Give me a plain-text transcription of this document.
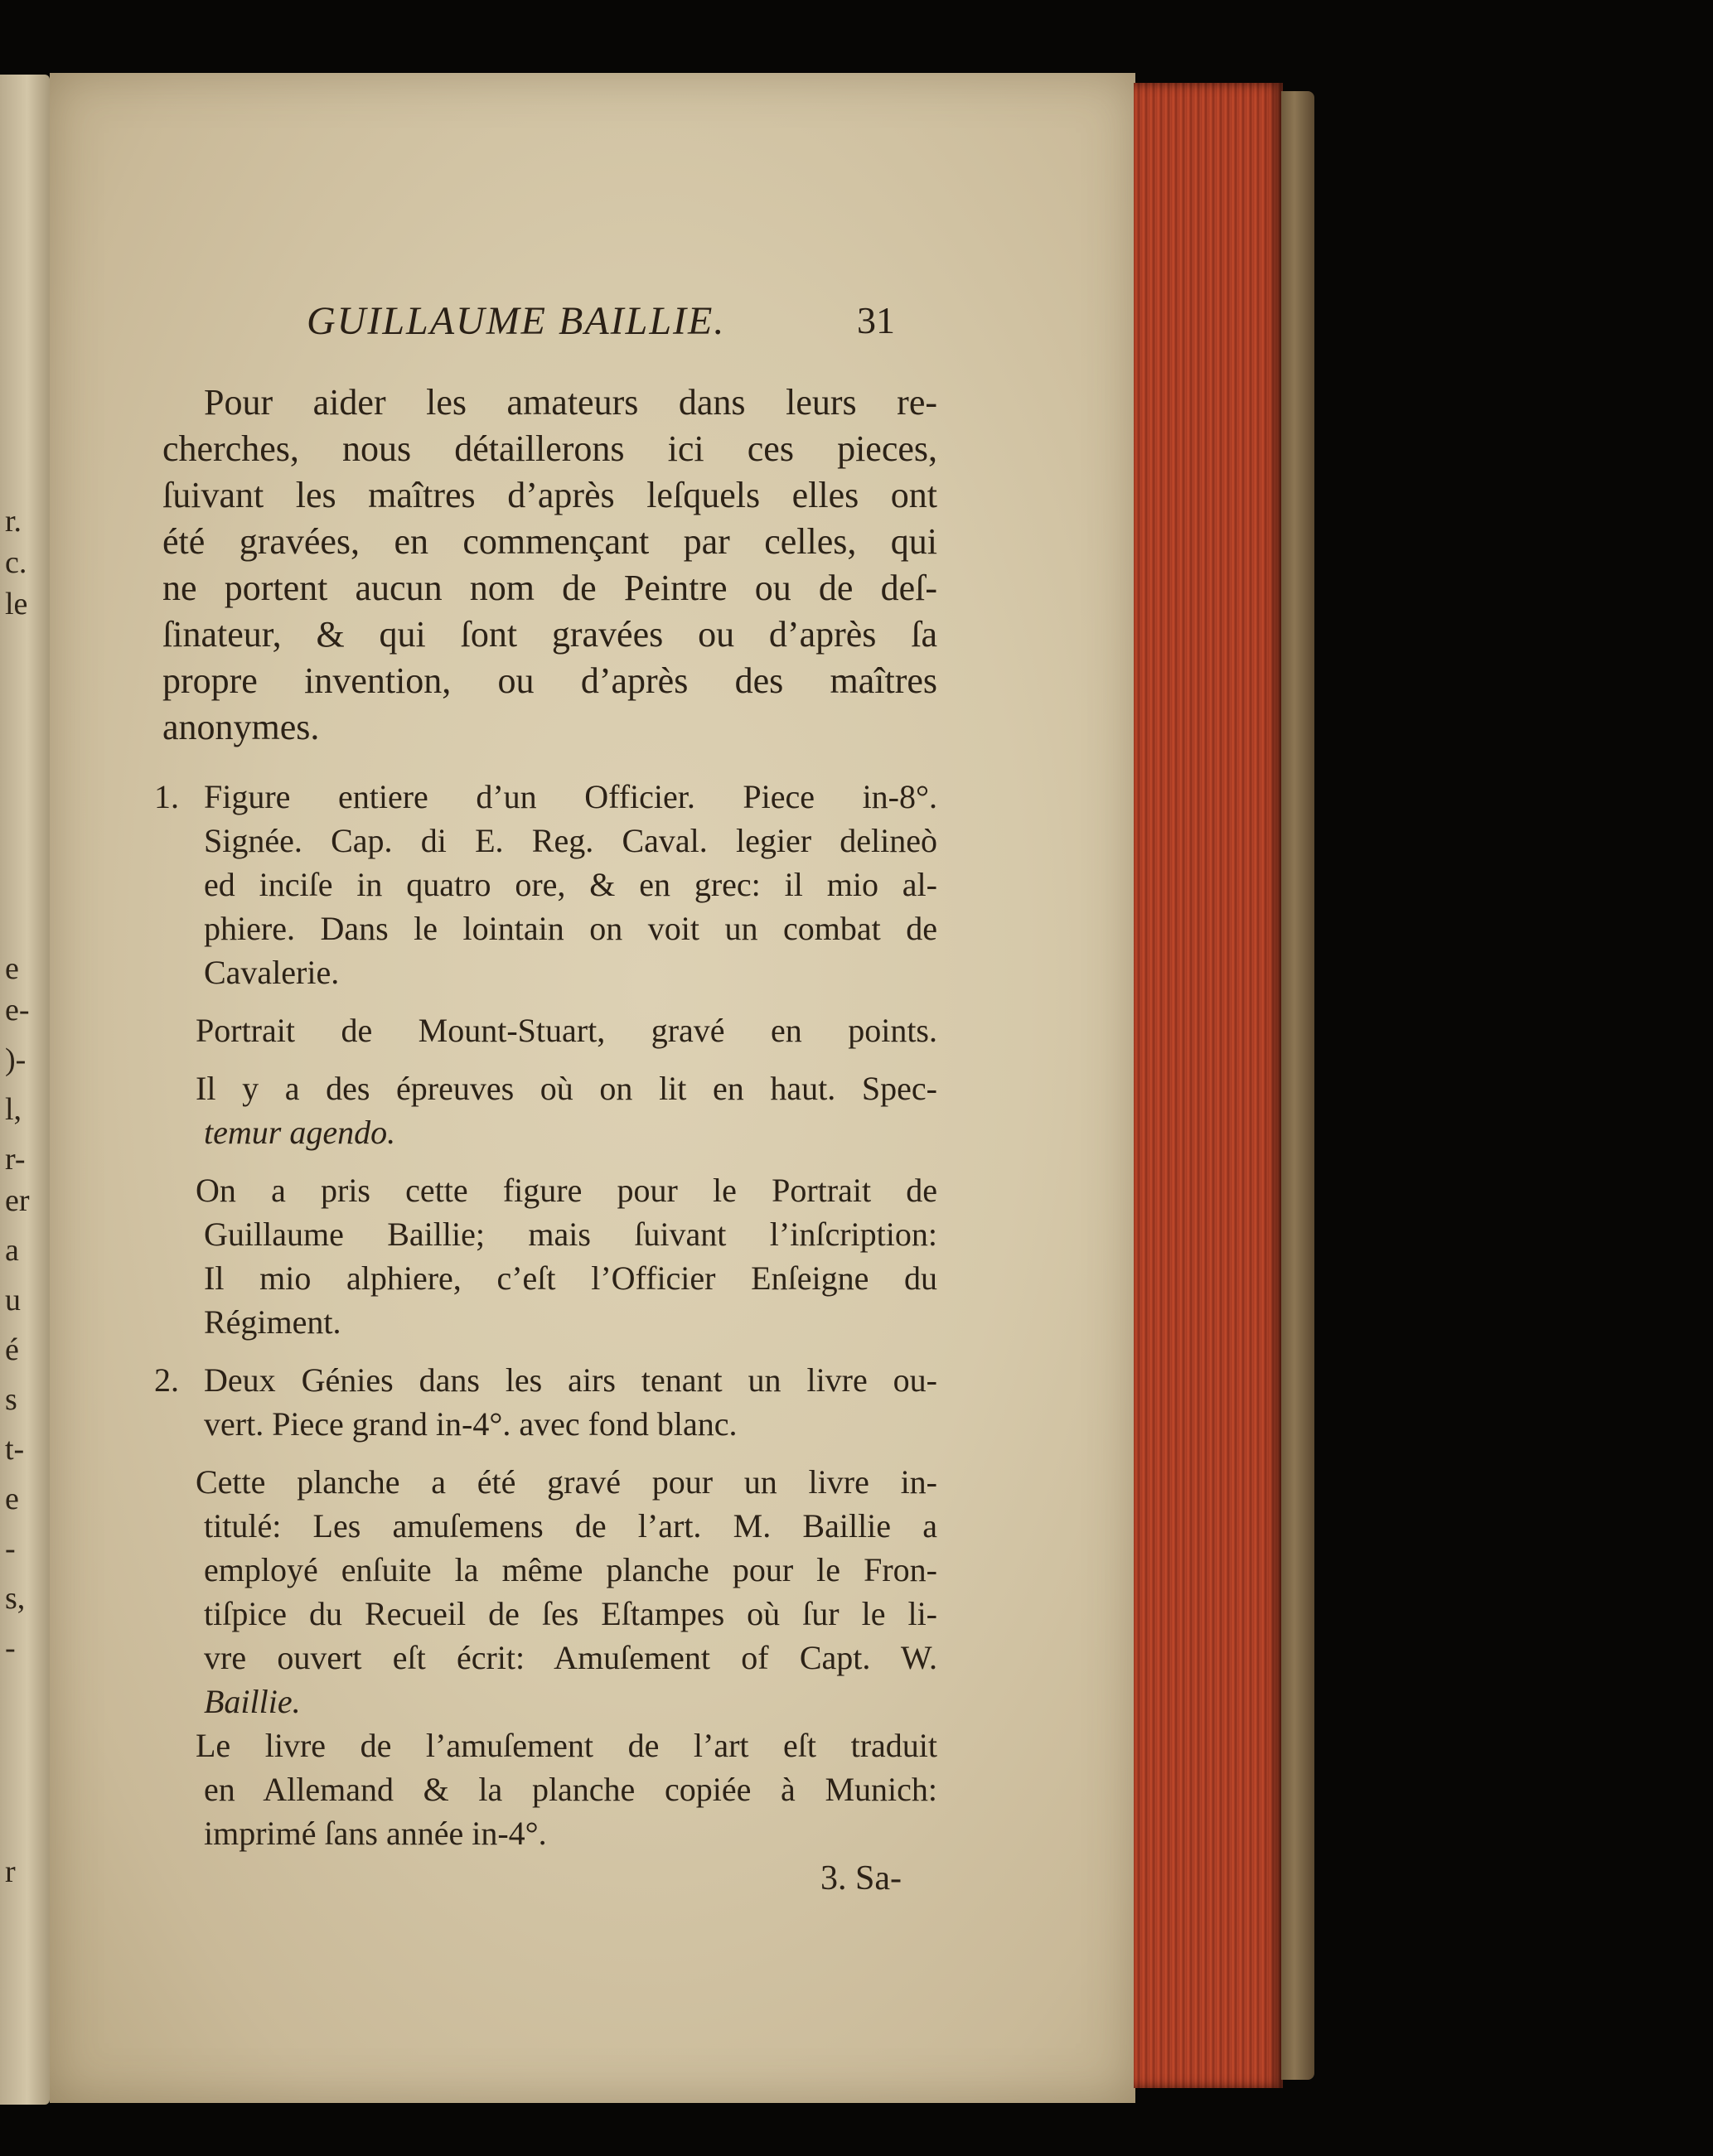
r.
c.
le
e
e-
)-
l,
r-
er
a
u
é
s
t-
e
-
s,
-
r
GUILLAUME BAILLIE.	31
Pour aider les amateurs dans leurs re-
cherches, nous détaillerons ici ces pieces,
ſuivant les maîtres d’après leſquels elles ont
été gravées, en commençant par celles, qui
ne portent aucun nom de Peintre ou de deſ-
ſinateur, & qui ſont gravées ou d’après ſa
propre invention, ou d’après des maîtres
anonymes.
1. Figure entiere d’un Officier. Piece in-8°.
Signée. Cap. di E. Reg. Caval. legier delineò
ed inciſe in quatro ore, & en grec: il mio al-
phiere. Dans le lointain on voit un combat de
Cavalerie.
Portrait de Mount-Stuart, gravé en points.
Il y a des épreuves où on lit en haut. Spec-
temur agendo.
On a pris cette figure pour le Portrait de
Guillaume Baillie; mais ſuivant l’inſcription:
Il mio alphiere, c’eſt l’Officier Enſeigne du
Régiment.
2. Deux Génies dans les airs tenant un livre ou-
vert. Piece grand in-4°. avec fond blanc.
Cette planche a été gravé pour un livre in-
titulé: Les amuſemens de l’art. M. Baillie a
employé enſuite la même planche pour le Fron-
tiſpice du Recueil de ſes Eſtampes où ſur le li-
vre ouvert eſt écrit: Amuſement of Capt. W.
Baillie.
Le livre de l’amuſement de l’art eſt traduit
en Allemand & la planche copiée à Munich:
imprimé ſans année in-4°.
3. Sa-
